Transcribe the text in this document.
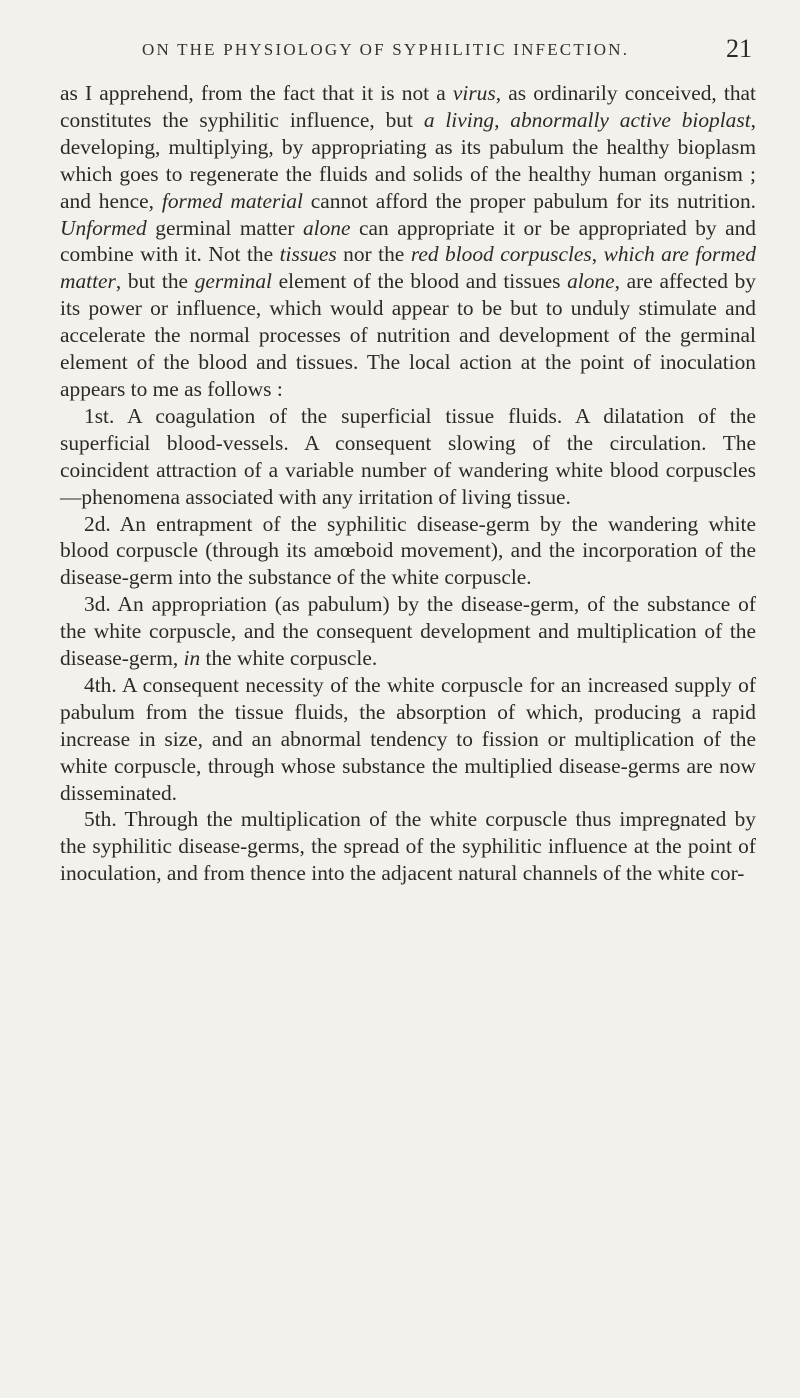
ON THE PHYSIOLOGY OF SYPHILITIC INFECTION.	21

as I apprehend, from the fact that it is not a virus, as ordinarily conceived, that constitutes the syphilitic influence, but a living, abnormally active bioplast, developing, multiplying, by appropriating as its pabulum the healthy bioplasm which goes to regenerate the fluids and solids of the healthy human organism ; and hence, formed material cannot afford the proper pabulum for its nutrition. Unformed germinal matter alone can appropriate it or be appropriated by and combine with it. Not the tissues nor the red blood corpuscles, which are formed matter, but the germinal element of the blood and tissues alone, are affected by its power or influence, which would appear to be but to unduly stimulate and accelerate the normal processes of nutrition and development of the germinal element of the blood and tissues. The local action at the point of inoculation appears to me as follows :

1st. A coagulation of the superficial tissue fluids. A dilatation of the superficial blood-vessels. A consequent slowing of the circulation. The coincident attraction of a variable number of wandering white blood corpuscles—phenomena associated with any irritation of living tissue.

2d. An entrapment of the syphilitic disease-germ by the wandering white blood corpuscle (through its amœboid movement), and the incorporation of the disease-germ into the substance of the white corpuscle.

3d. An appropriation (as pabulum) by the disease-germ, of the substance of the white corpuscle, and the consequent development and multiplication of the disease-germ, in the white corpuscle.

4th. A consequent necessity of the white corpuscle for an increased supply of pabulum from the tissue fluids, the absorption of which, producing a rapid increase in size, and an abnormal tendency to fission or multiplication of the white corpuscle, through whose substance the multiplied disease-germs are now disseminated.

5th. Through the multiplication of the white corpuscle thus impregnated by the syphilitic disease-germs, the spread of the syphilitic influence at the point of inoculation, and from thence into the adjacent natural channels of the white cor-
